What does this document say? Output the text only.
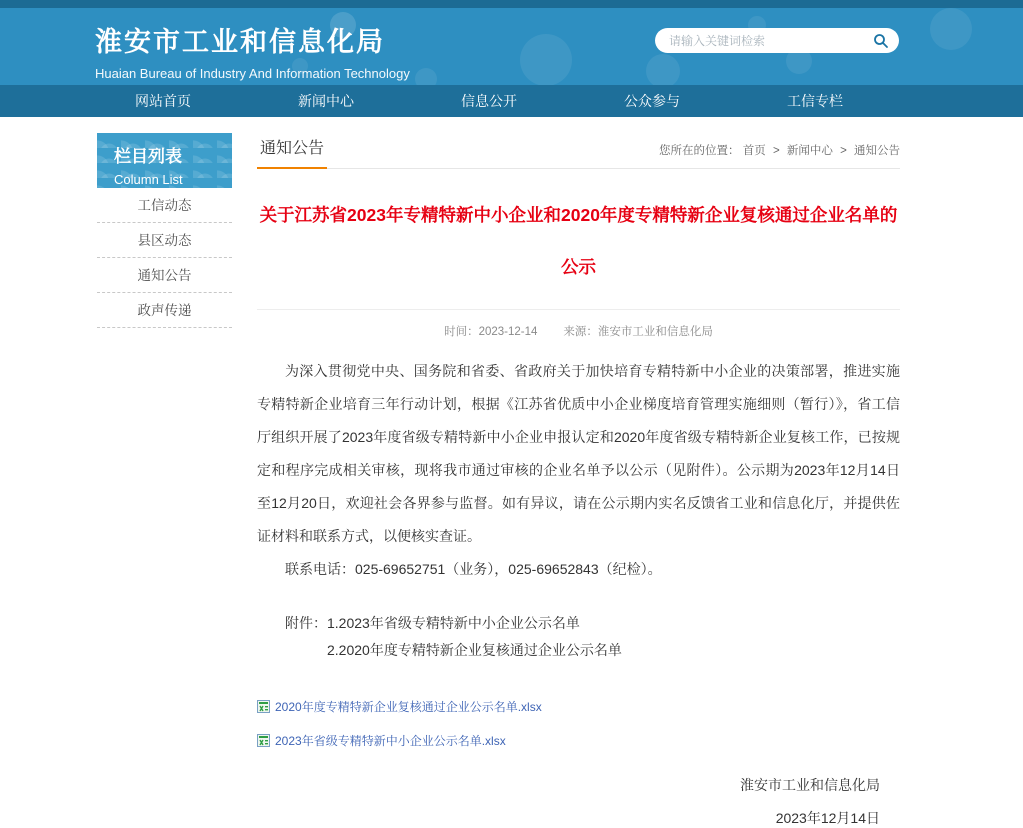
淮安市工业和信息化局
Huaian Bureau of Industry And Information Technology
请输入关键词检索
网站首页	新闻中心	信息公开	公众参与	工信专栏
栏目列表
Column List
工信动态
县区动态
通知公告
政声传递
通知公告	您所在的位置： 首页 > 新闻中心 > 通知公告
关于江苏省2023年专精特新中小企业和2020年度专精特新企业复核通过企业名单的公示
时间：2023-12-14 来源：淮安市工业和信息化局

为深入贯彻党中央、国务院和省委、省政府关于加快培育专精特新中小企业的决策部署，推进实施专精特新企业培育三年行动计划，根据《江苏省优质中小企业梯度培育管理实施细则（暂行）》，省工信厅组织开展了2023年度省级专精特新中小企业申报认定和2020年度省级专精特新企业复核工作，已按规定和程序完成相关审核，现将我市通过审核的企业名单予以公示（见附件）。公示期为2023年12月14日至12月20日，欢迎社会各界参与监督。如有异议，请在公示期内实名反馈省工业和信息化厅，并提供佐证材料和联系方式，以便核实查证。

联系电话：025-69652751（业务），025-69652843（纪检）。

附件：1.2023年省级专精特新中小企业公示名单

2.2020年度专精特新企业复核通过企业公示名单

2020年度专精特新企业复核通过企业公示名单.xlsx
2023年省级专精特新中小企业公示名单.xlsx
淮安市工业和信息化局
2023年12月14日
